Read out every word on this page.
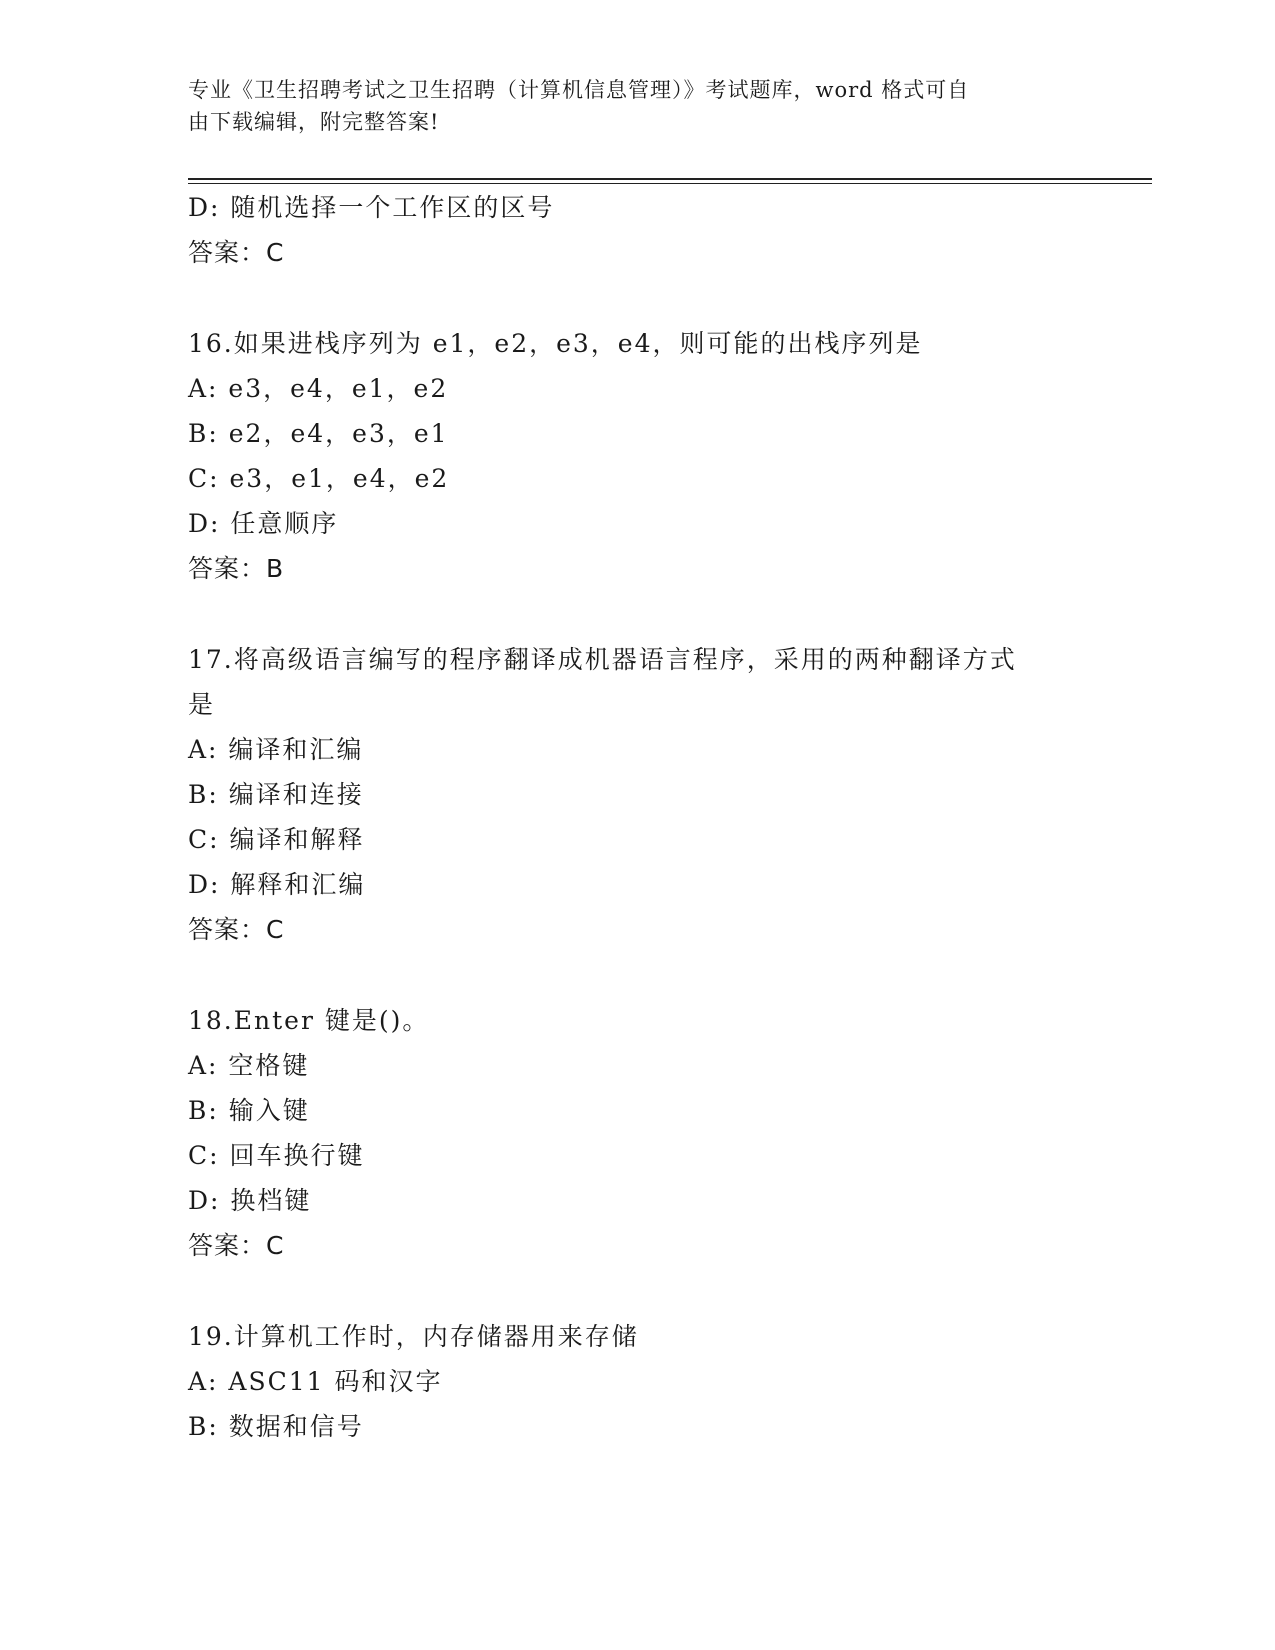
专业《卫生招聘考试之卫生招聘（计算机信息管理）》考试题库，word 格式可自
由下载编辑，附完整答案!
D: 随机选择一个工作区的区号
答案：C
16.如果进栈序列为 e1，e2，e3，e4，则可能的出栈序列是
A: e3，e4，e1，e2
B: e2，e4，e3，e1
C: e3，e1，e4，e2
D: 任意顺序
答案：B
17.将高级语言编写的程序翻译成机器语言程序，采用的两种翻译方式
是
A: 编译和汇编
B: 编译和连接
C: 编译和解释
D: 解释和汇编
答案：C
18.Enter 键是()。
A: 空格键
B: 输入键
C: 回车换行键
D: 换档键
答案：C
19.计算机工作时，内存储器用来存储
A: ASC11 码和汉字
B: 数据和信号
